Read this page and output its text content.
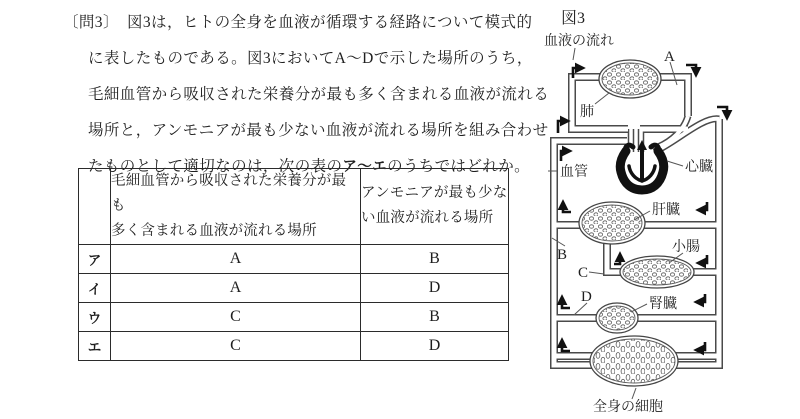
〔問3〕　図3は，ヒトの全身を血液が循環する経路について模式的
に表したものである。図3においてA～Dで示した場所のうち，
毛細血管から吸収された栄養分が最も多く含まれる血液が流れる
場所と，アンモニアが最も少ない血液が流れる場所を組み合わせ
たものとして適切なのは，次の表のア～エのうちではどれか。

毛細血管から吸収された栄養分が最も
多く含まれる血液が流れる場所

アンモニアが最も少な
い血液が流れる場所

ア	A	B
イ	A	D
ウ	C	B
エ	C	D
図3
血液の流れ
A
肺
血管	心臓
肝臓
B	小腸
C
D	腎臓
全身の細胞
